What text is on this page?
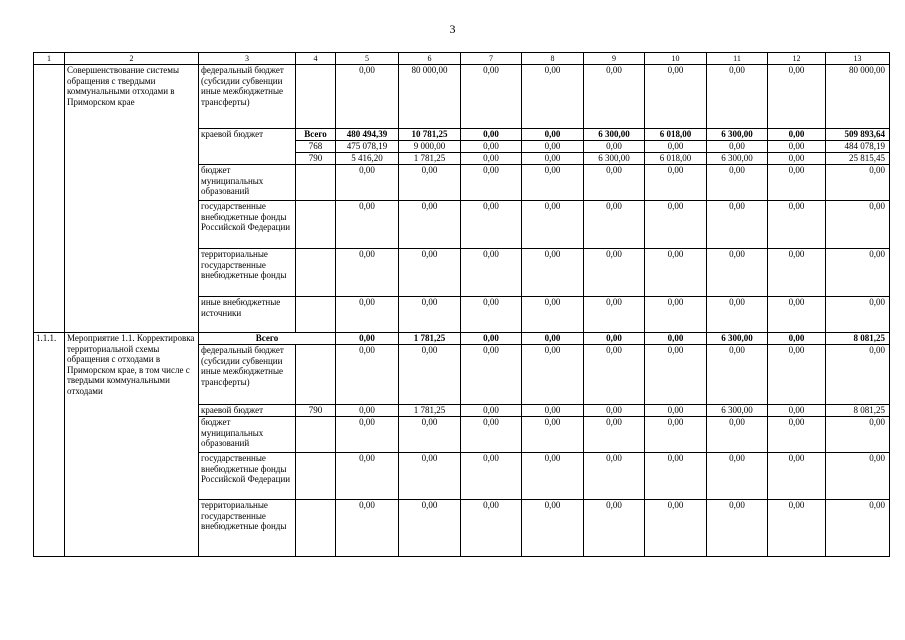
3
1	2	3	4	5	6	7	8	9	10	11	12	13
	Совершенствование системы обращения с твердыми коммунальными отходами в Приморском крае	федеральный бюджет (субсидии субвенции иные межбюджетные трансферты)		0,00	80 000,00	0,00	0,00	0,00	0,00	0,00	0,00	80 000,00
		краевой бюджет	Всего	480 494,39	10 781,25	0,00	0,00	6 300,00	6 018,00	6 300,00	0,00	509 893,64
			768	475 078,19	9 000,00	0,00	0,00	0,00	0,00	0,00	0,00	484 078,19
			790	5 416,20	1 781,25	0,00	0,00	6 300,00	6 018,00	6 300,00	0,00	25 815,45
		бюджет муниципальных образований		0,00	0,00	0,00	0,00	0,00	0,00	0,00	0,00	0,00
		государственные внебюджетные фонды Российской Федерации		0,00	0,00	0,00	0,00	0,00	0,00	0,00	0,00	0,00
		территориальные государственные внебюджетные фонды		0,00	0,00	0,00	0,00	0,00	0,00	0,00	0,00	0,00
		иные внебюджетные источники		0,00	0,00	0,00	0,00	0,00	0,00	0,00	0,00	0,00
1.1.1.	Мероприятие 1.1. Корректировка территориальной схемы обращения с отходами в Приморском крае, в том числе с твердыми коммунальными отходами	Всего		0,00	1 781,25	0,00	0,00	0,00	0,00	6 300,00	0,00	8 081,25
		федеральный бюджет (субсидии субвенции иные межбюджетные трансферты)		0,00	0,00	0,00	0,00	0,00	0,00	0,00	0,00	0,00
		краевой бюджет	790	0,00	1 781,25	0,00	0,00	0,00	0,00	6 300,00	0,00	8 081,25
		бюджет муниципальных образований		0,00	0,00	0,00	0,00	0,00	0,00	0,00	0,00	0,00
		государственные внебюджетные фонды Российской Федерации		0,00	0,00	0,00	0,00	0,00	0,00	0,00	0,00	0,00
		территориальные государственные внебюджетные фонды		0,00	0,00	0,00	0,00	0,00	0,00	0,00	0,00	0,00
